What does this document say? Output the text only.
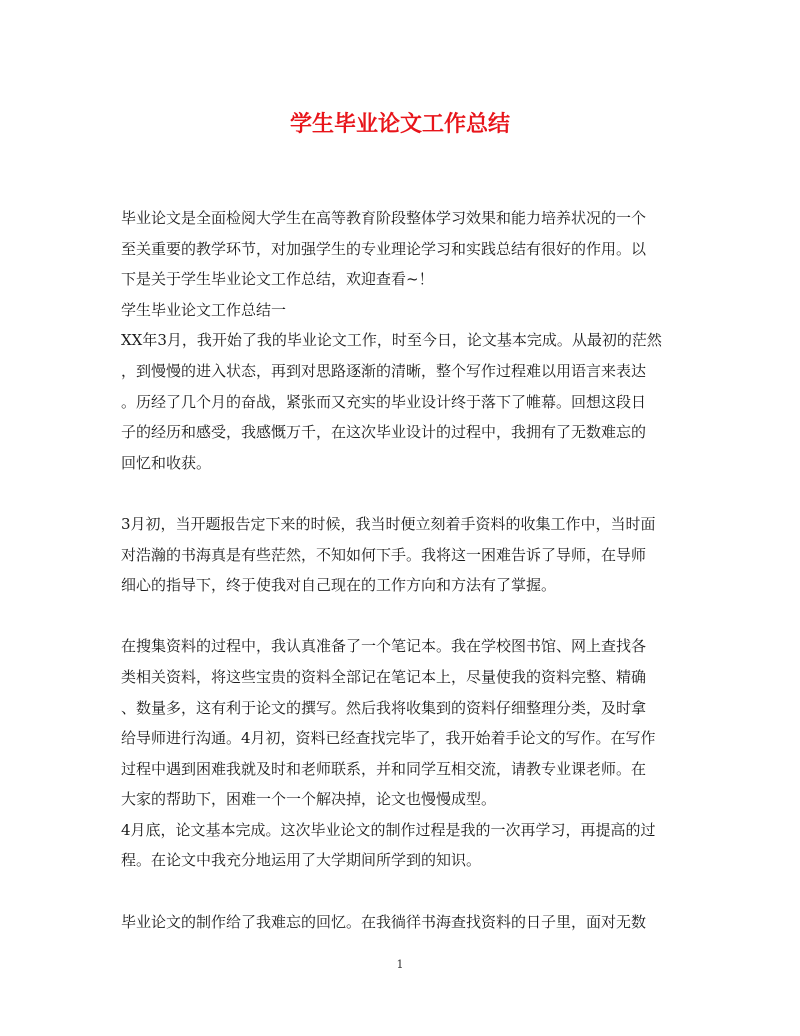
学生毕业论文工作总结
毕业论文是全面检阅大学生在高等教育阶段整体学习效果和能力培养状况的一个
至关重要的教学环节，对加强学生的专业理论学习和实践总结有很好的作用。以
下是关于学生毕业论文工作总结，欢迎查看~！
学生毕业论文工作总结一
XX年3月，我开始了我的毕业论文工作，时至今日，论文基本完成。从最初的茫然
，到慢慢的进入状态，再到对思路逐渐的清晰，整个写作过程难以用语言来表达
。历经了几个月的奋战，紧张而又充实的毕业设计终于落下了帷幕。回想这段日
子的经历和感受，我感慨万千，在这次毕业设计的过程中，我拥有了无数难忘的
回忆和收获。
3月初，当开题报告定下来的时候，我当时便立刻着手资料的收集工作中，当时面
对浩瀚的书海真是有些茫然，不知如何下手。我将这一困难告诉了导师，在导师
细心的指导下，终于使我对自己现在的工作方向和方法有了掌握。
在搜集资料的过程中，我认真准备了一个笔记本。我在学校图书馆、网上查找各
类相关资料，将这些宝贵的资料全部记在笔记本上，尽量使我的资料完整、精确
、数量多，这有利于论文的撰写。然后我将收集到的资料仔细整理分类，及时拿
给导师进行沟通。4月初，资料已经查找完毕了，我开始着手论文的写作。在写作
过程中遇到困难我就及时和老师联系，并和同学互相交流，请教专业课老师。在
大家的帮助下，困难一个一个解决掉，论文也慢慢成型。
4月底，论文基本完成。这次毕业论文的制作过程是我的一次再学习，再提高的过
程。在论文中我充分地运用了大学期间所学到的知识。
毕业论文的制作给了我难忘的回忆。在我徜徉书海查找资料的日子里，面对无数
1
